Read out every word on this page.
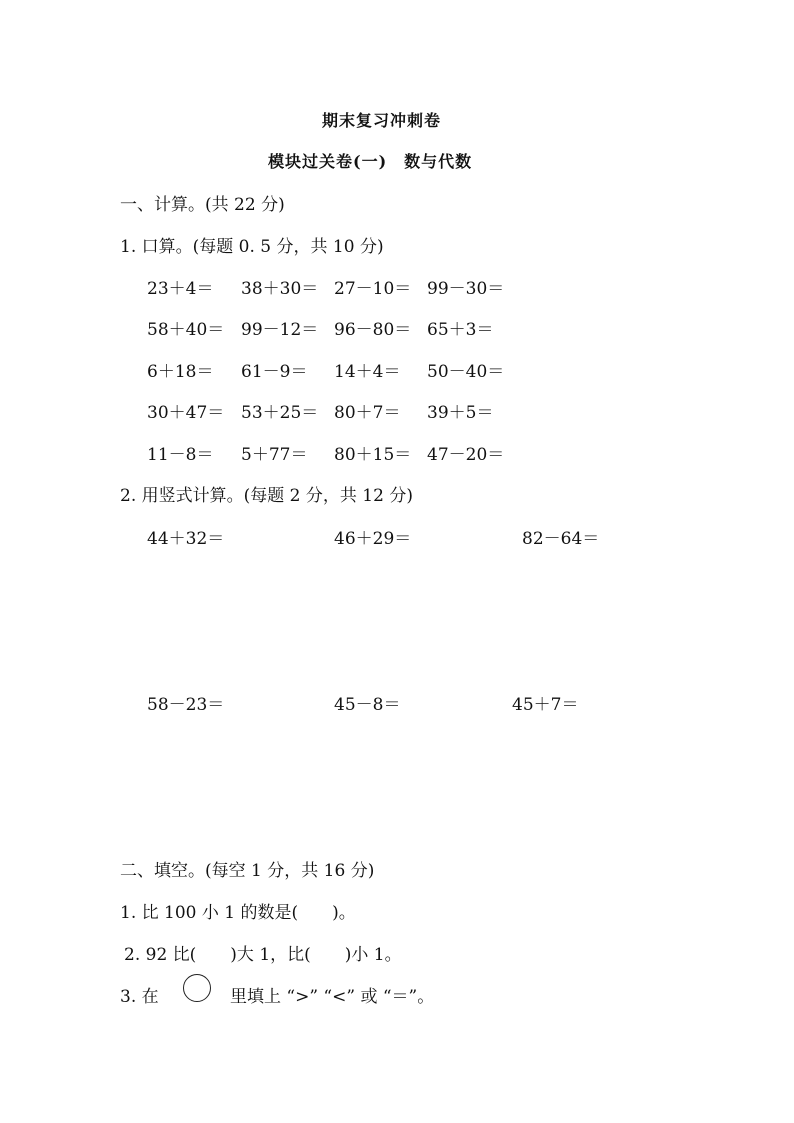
期末复习冲刺卷
模块过关卷(一)　数与代数
一、计算。(共 22 分)
1. 口算。(每题 0. 5 分，共 10 分)
23＋4＝ 38＋30＝ 27－10＝ 99－30＝
58＋40＝ 99－12＝ 96－80＝ 65＋3＝
6＋18＝ 61－9＝ 14＋4＝ 50－40＝
30＋47＝ 53＋25＝ 80＋7＝ 39＋5＝
11－8＝ 5＋77＝ 80＋15＝ 47－20＝
2. 用竖式计算。(每题 2 分，共 12 分)
44＋32＝	46＋29＝	82－64＝
58－23＝	45－8＝	45＋7＝
二、填空。(每空 1 分，共 16 分)
1. 比 100 小 1 的数是(　　)。
2. 92 比(　　)大 1，比(　　)小 1。
3. 在	里填上 “>” “<” 或 “＝”。
